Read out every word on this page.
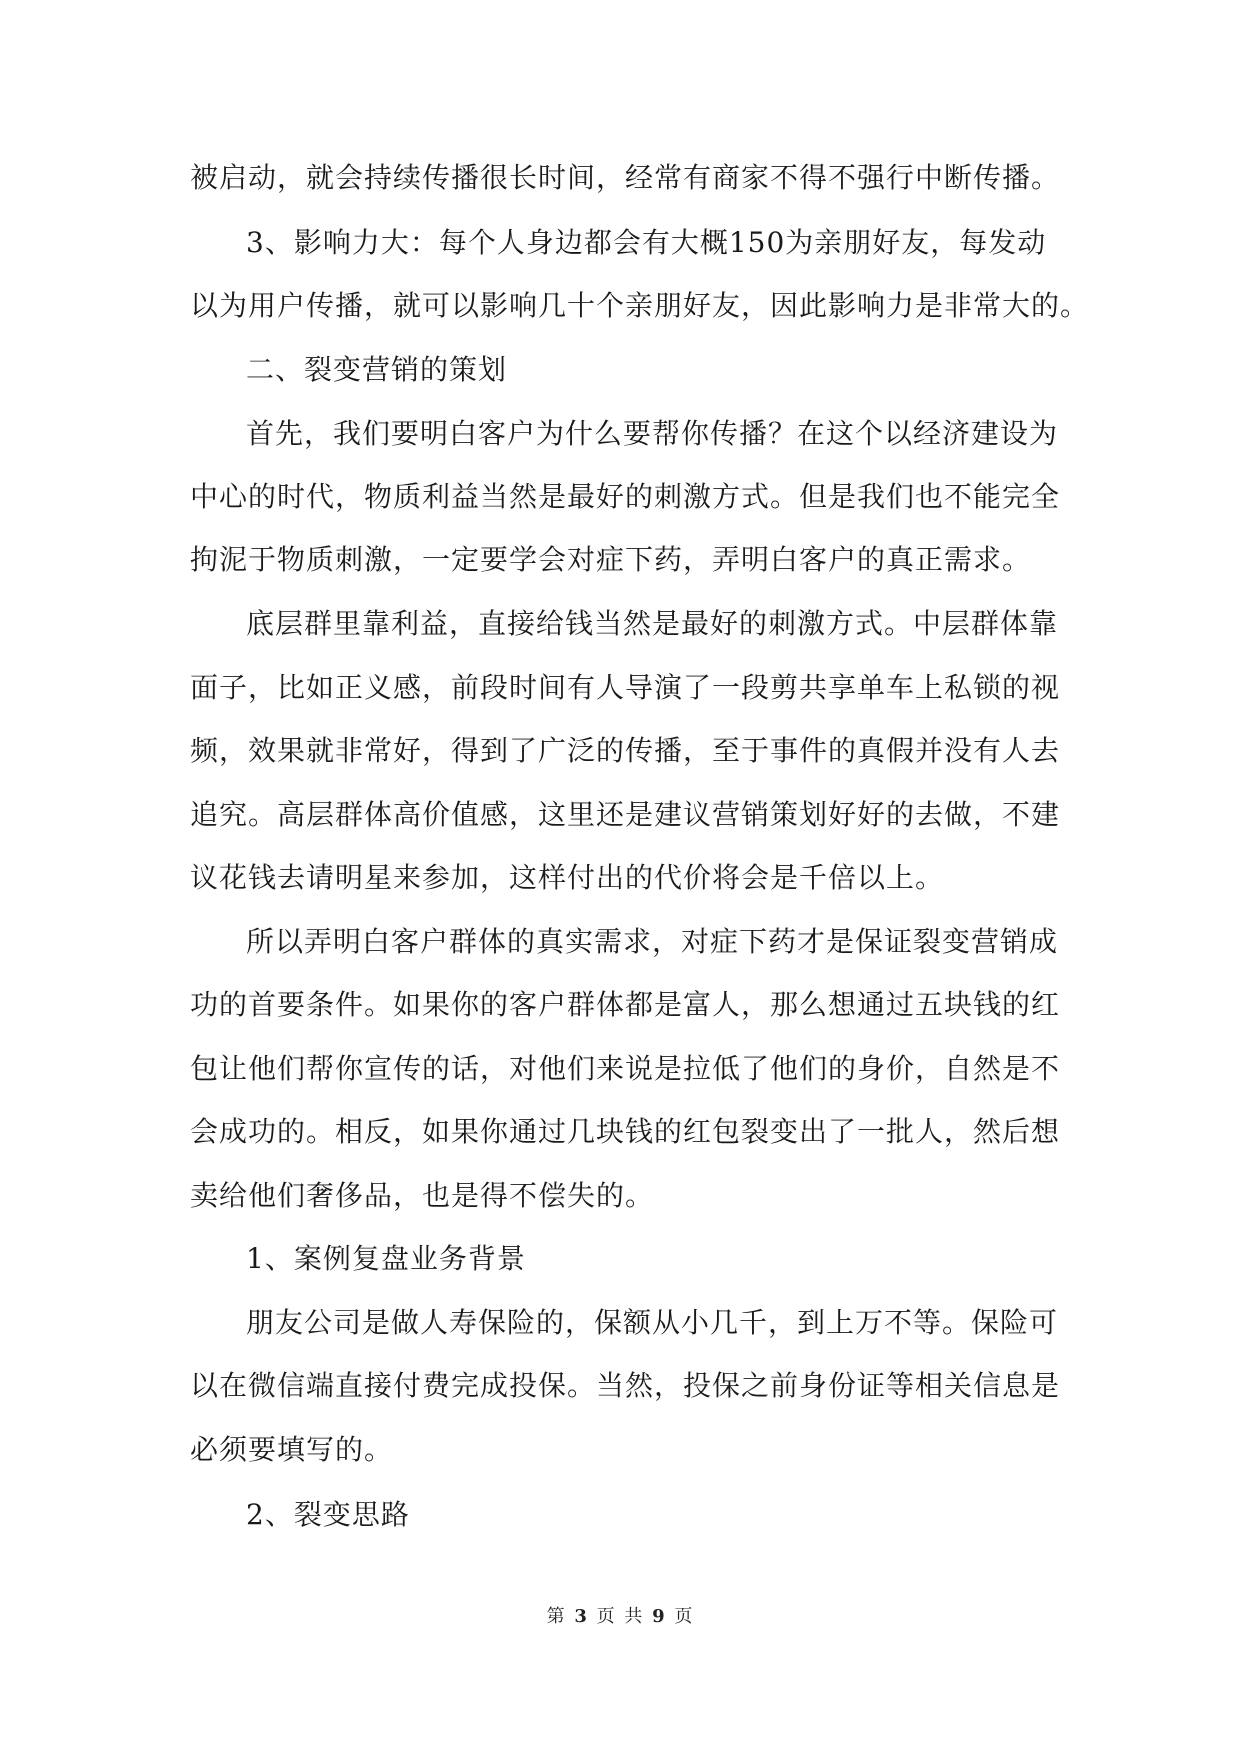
被启动，就会持续传播很长时间，经常有商家不得不强行中断传播。
3、影响力大：每个人身边都会有大概150为亲朋好友，每发动
以为用户传播，就可以影响几十个亲朋好友，因此影响力是非常大的。
二、裂变营销的策划
首先，我们要明白客户为什么要帮你传播？在这个以经济建设为
中心的时代，物质利益当然是最好的刺激方式。但是我们也不能完全
拘泥于物质刺激，一定要学会对症下药，弄明白客户的真正需求。
底层群里靠利益，直接给钱当然是最好的刺激方式。中层群体靠
面子，比如正义感，前段时间有人导演了一段剪共享单车上私锁的视
频，效果就非常好，得到了广泛的传播，至于事件的真假并没有人去
追究。高层群体高价值感，这里还是建议营销策划好好的去做，不建
议花钱去请明星来参加，这样付出的代价将会是千倍以上。
所以弄明白客户群体的真实需求，对症下药才是保证裂变营销成
功的首要条件。如果你的客户群体都是富人，那么想通过五块钱的红
包让他们帮你宣传的话，对他们来说是拉低了他们的身价，自然是不
会成功的。相反，如果你通过几块钱的红包裂变出了一批人，然后想
卖给他们奢侈品，也是得不偿失的。
1、案例复盘业务背景
朋友公司是做人寿保险的，保额从小几千，到上万不等。保险可
以在微信端直接付费完成投保。当然，投保之前身份证等相关信息是
必须要填写的。
2、裂变思路
第 3 页 共 9 页
